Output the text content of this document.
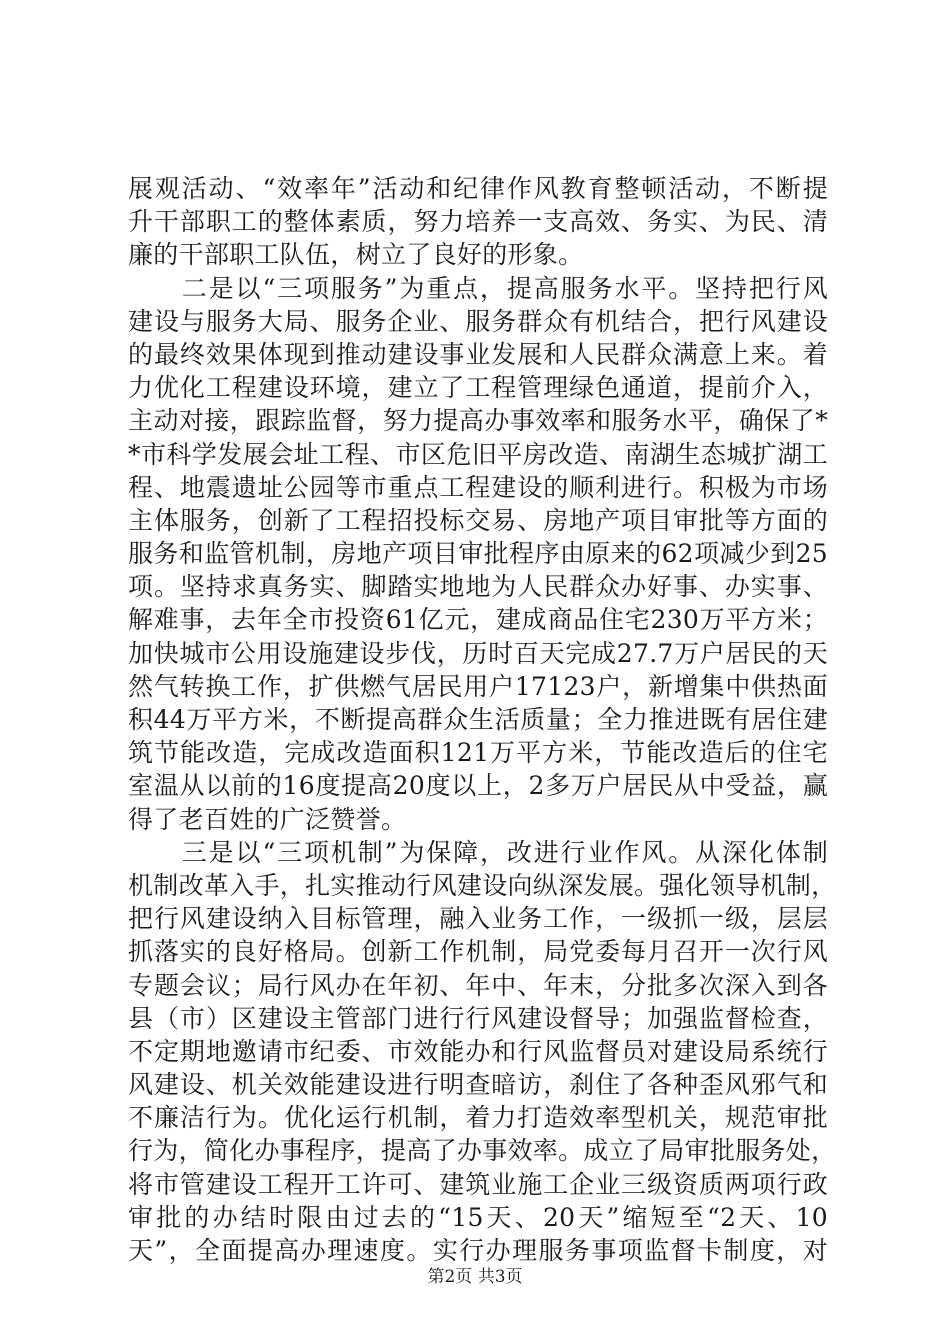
展观活动、“效率年”活动和纪律作风教育整顿活动，不断提
升干部职工的整体素质，努力培养一支高效、务实、为民、清
廉的干部职工队伍，树立了良好的形象。
　　二是以“三项服务”为重点，提高服务水平。坚持把行风
建设与服务大局、服务企业、服务群众有机结合，把行风建设
的最终效果体现到推动建设事业发展和人民群众满意上来。着
力优化工程建设环境，建立了工程管理绿色通道，提前介入，
主动对接，跟踪监督，努力提高办事效率和服务水平，确保了*
*市科学发展会址工程、市区危旧平房改造、南湖生态城扩湖工
程、地震遗址公园等市重点工程建设的顺利进行。积极为市场
主体服务，创新了工程招投标交易、房地产项目审批等方面的
服务和监管机制，房地产项目审批程序由原来的62项减少到25
项。坚持求真务实、脚踏实地地为人民群众办好事、办实事、
解难事，去年全市投资61亿元，建成商品住宅230万平方米；
加快城市公用设施建设步伐，历时百天完成27.7万户居民的天
然气转换工作，扩供燃气居民用户17123户，新增集中供热面
积44万平方米，不断提高群众生活质量；全力推进既有居住建
筑节能改造，完成改造面积121万平方米，节能改造后的住宅
室温从以前的16度提高20度以上，2多万户居民从中受益，赢
得了老百姓的广泛赞誉。
　　三是以“三项机制”为保障，改进行业作风。从深化体制
机制改革入手，扎实推动行风建设向纵深发展。强化领导机制，
把行风建设纳入目标管理，融入业务工作，一级抓一级，层层
抓落实的良好格局。创新工作机制，局党委每月召开一次行风
专题会议；局行风办在年初、年中、年末，分批多次深入到各
县（市）区建设主管部门进行行风建设督导；加强监督检查，
不定期地邀请市纪委、市效能办和行风监督员对建设局系统行
风建设、机关效能建设进行明查暗访，刹住了各种歪风邪气和
不廉洁行为。优化运行机制，着力打造效率型机关，规范审批
行为，简化办事程序，提高了办事效率。成立了局审批服务处，
将市管建设工程开工许可、建筑业施工企业三级资质两项行政
审批的办结时限由过去的“15天、20天”缩短至“2天、10
天”，全面提高办理速度。实行办理服务事项监督卡制度，对
第2页 共3页
